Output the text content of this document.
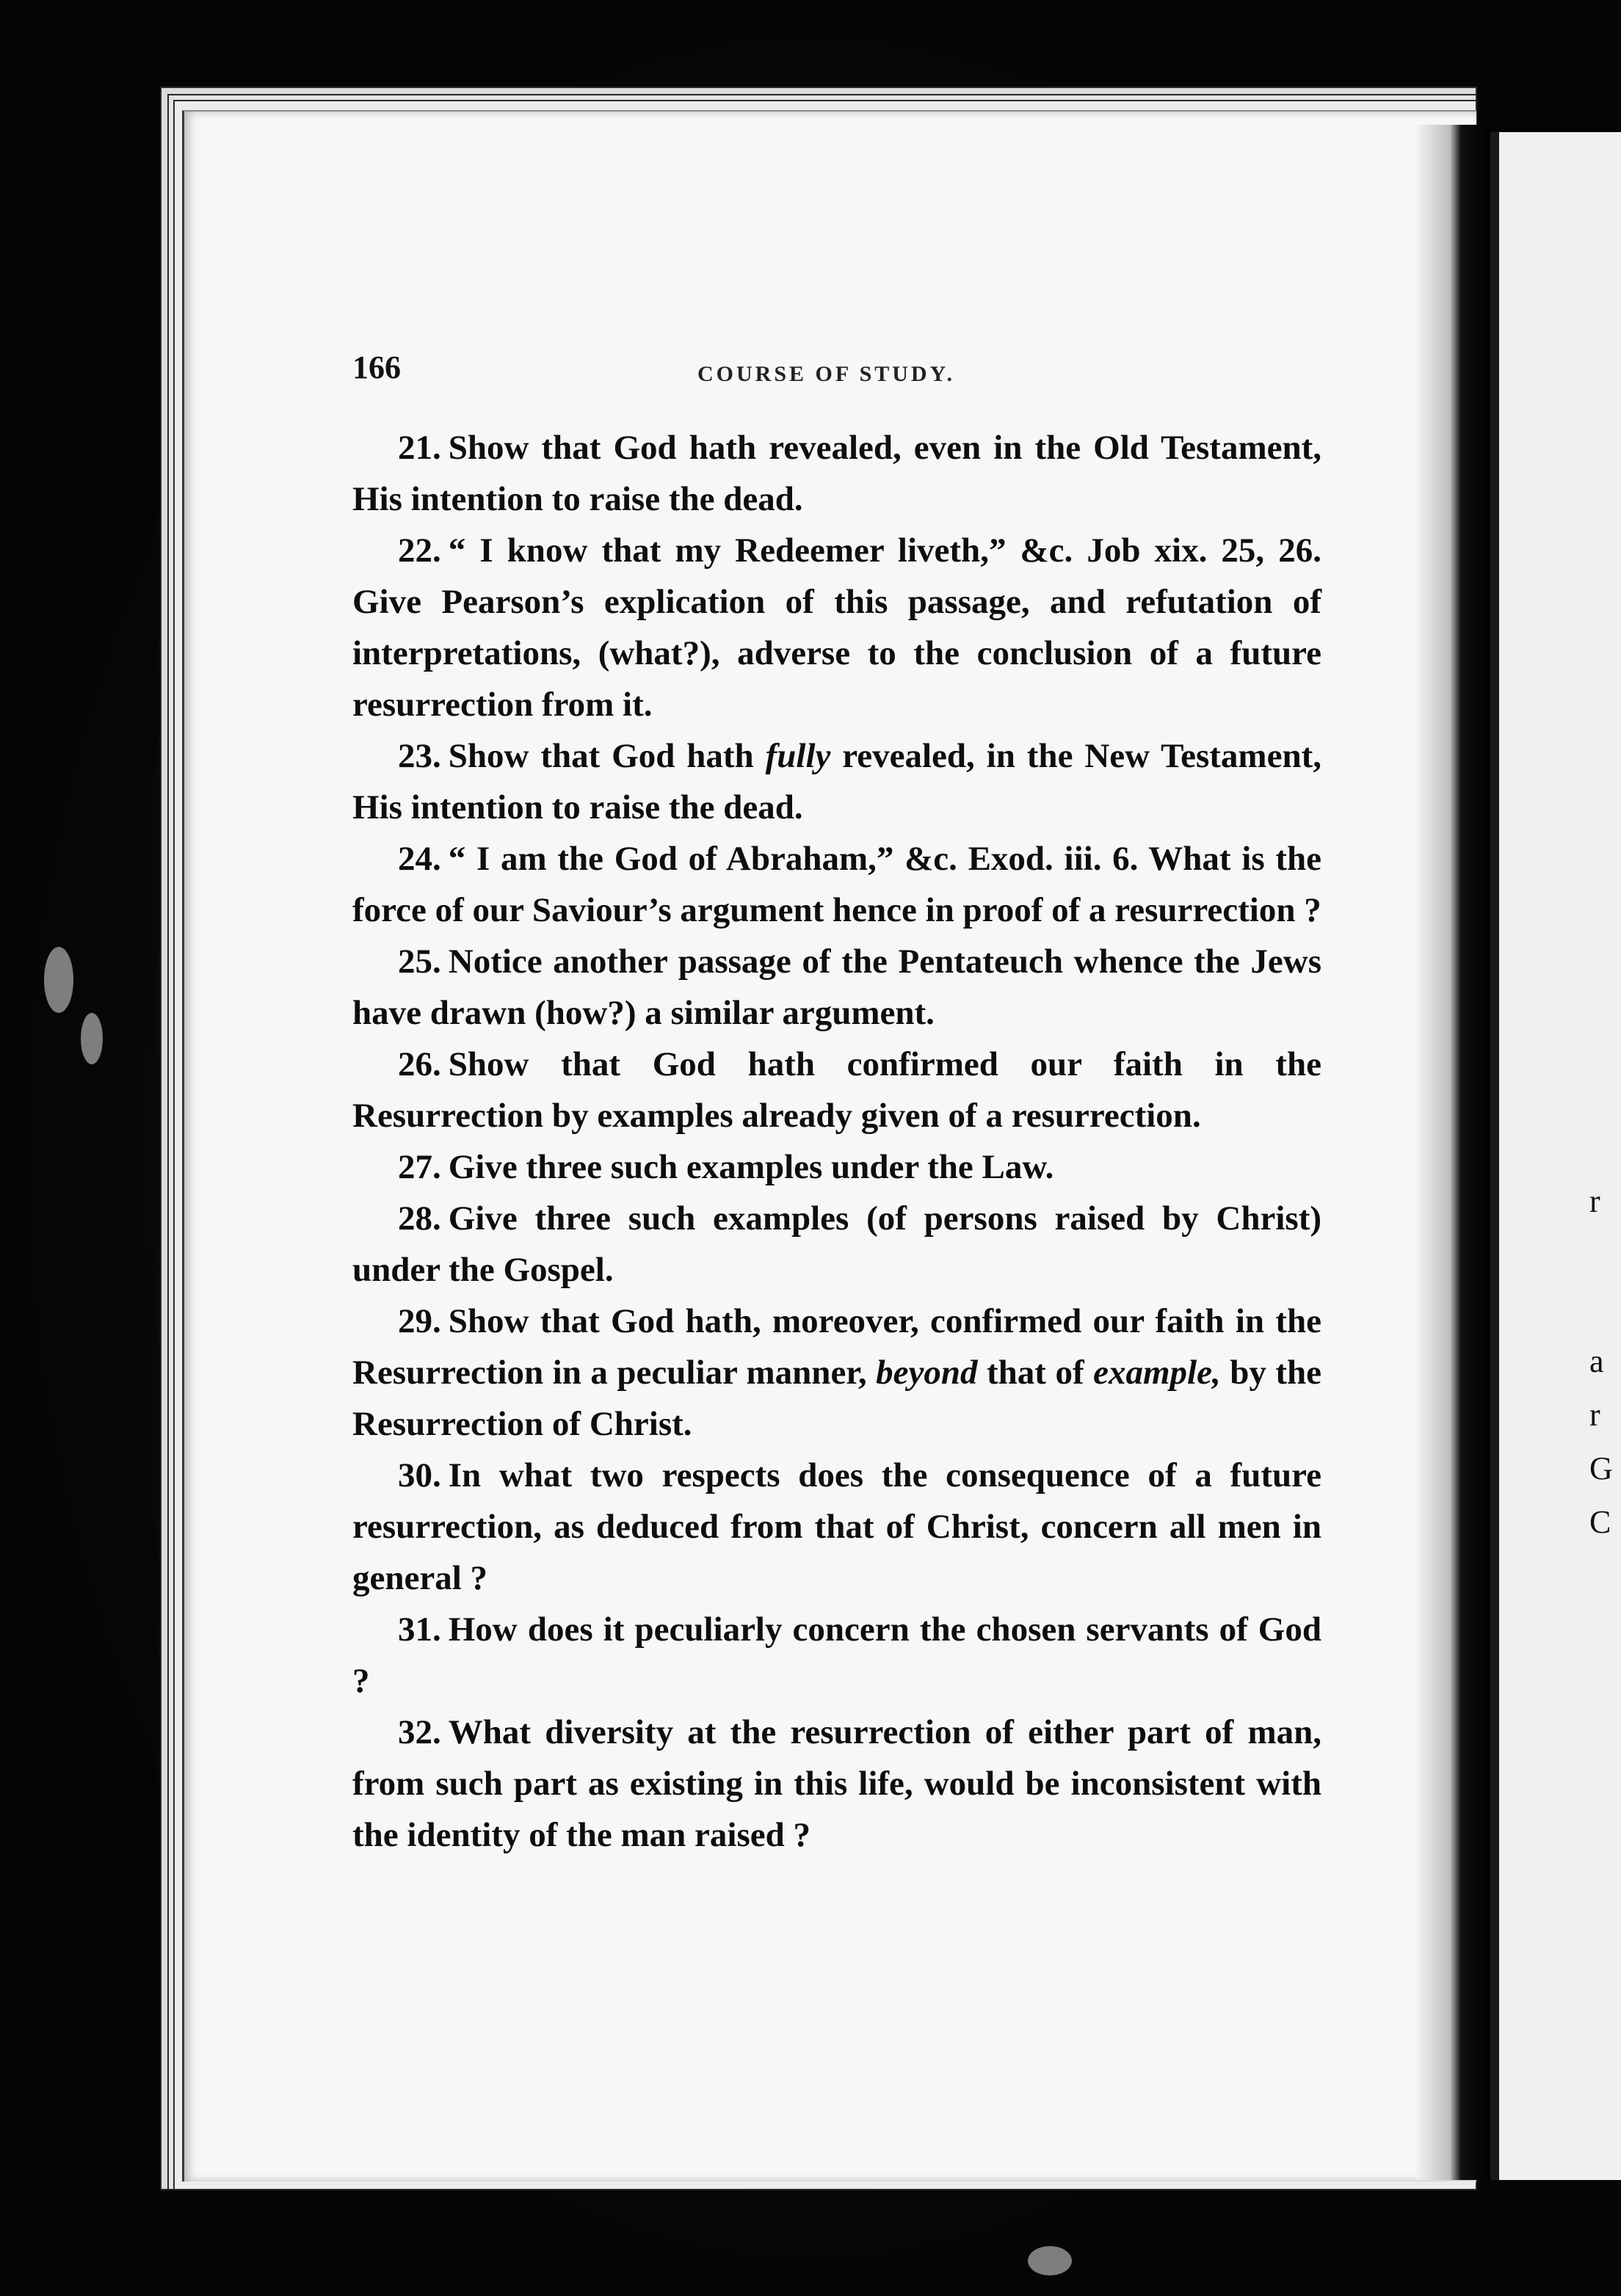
r
a
r
G
C
166	COURSE OF STUDY.

21. Show that God hath revealed, even in the Old Testament, His intention to raise the dead.

22. “ I know that my Redeemer liveth,” &c. Job xix. 25, 26. Give Pearson’s explication of this passage, and refutation of interpretations, (what?), adverse to the conclusion of a future resurrection from it.

23. Show that God hath fully revealed, in the New Testament, His intention to raise the dead.

24. “ I am the God of Abraham,” &c. Exod. iii. 6. What is the force of our Saviour’s argument hence in proof of a resurrection ?

25. Notice another passage of the Pentateuch whence the Jews have drawn (how?) a similar argument.

26. Show that God hath confirmed our faith in the Resurrection by examples already given of a resurrection.

27. Give three such examples under the Law.

28. Give three such examples (of persons raised by Christ) under the Gospel.

29. Show that God hath, moreover, confirmed our faith in the Resurrection in a peculiar manner, beyond that of example, by the Resurrection of Christ.

30. In what two respects does the consequence of a future resurrection, as deduced from that of Christ, concern all men in general ?

31. How does it peculiarly concern the chosen servants of God ?

32. What diversity at the resurrection of either part of man, from such part as existing in this life, would be inconsistent with the identity of the man raised ?
